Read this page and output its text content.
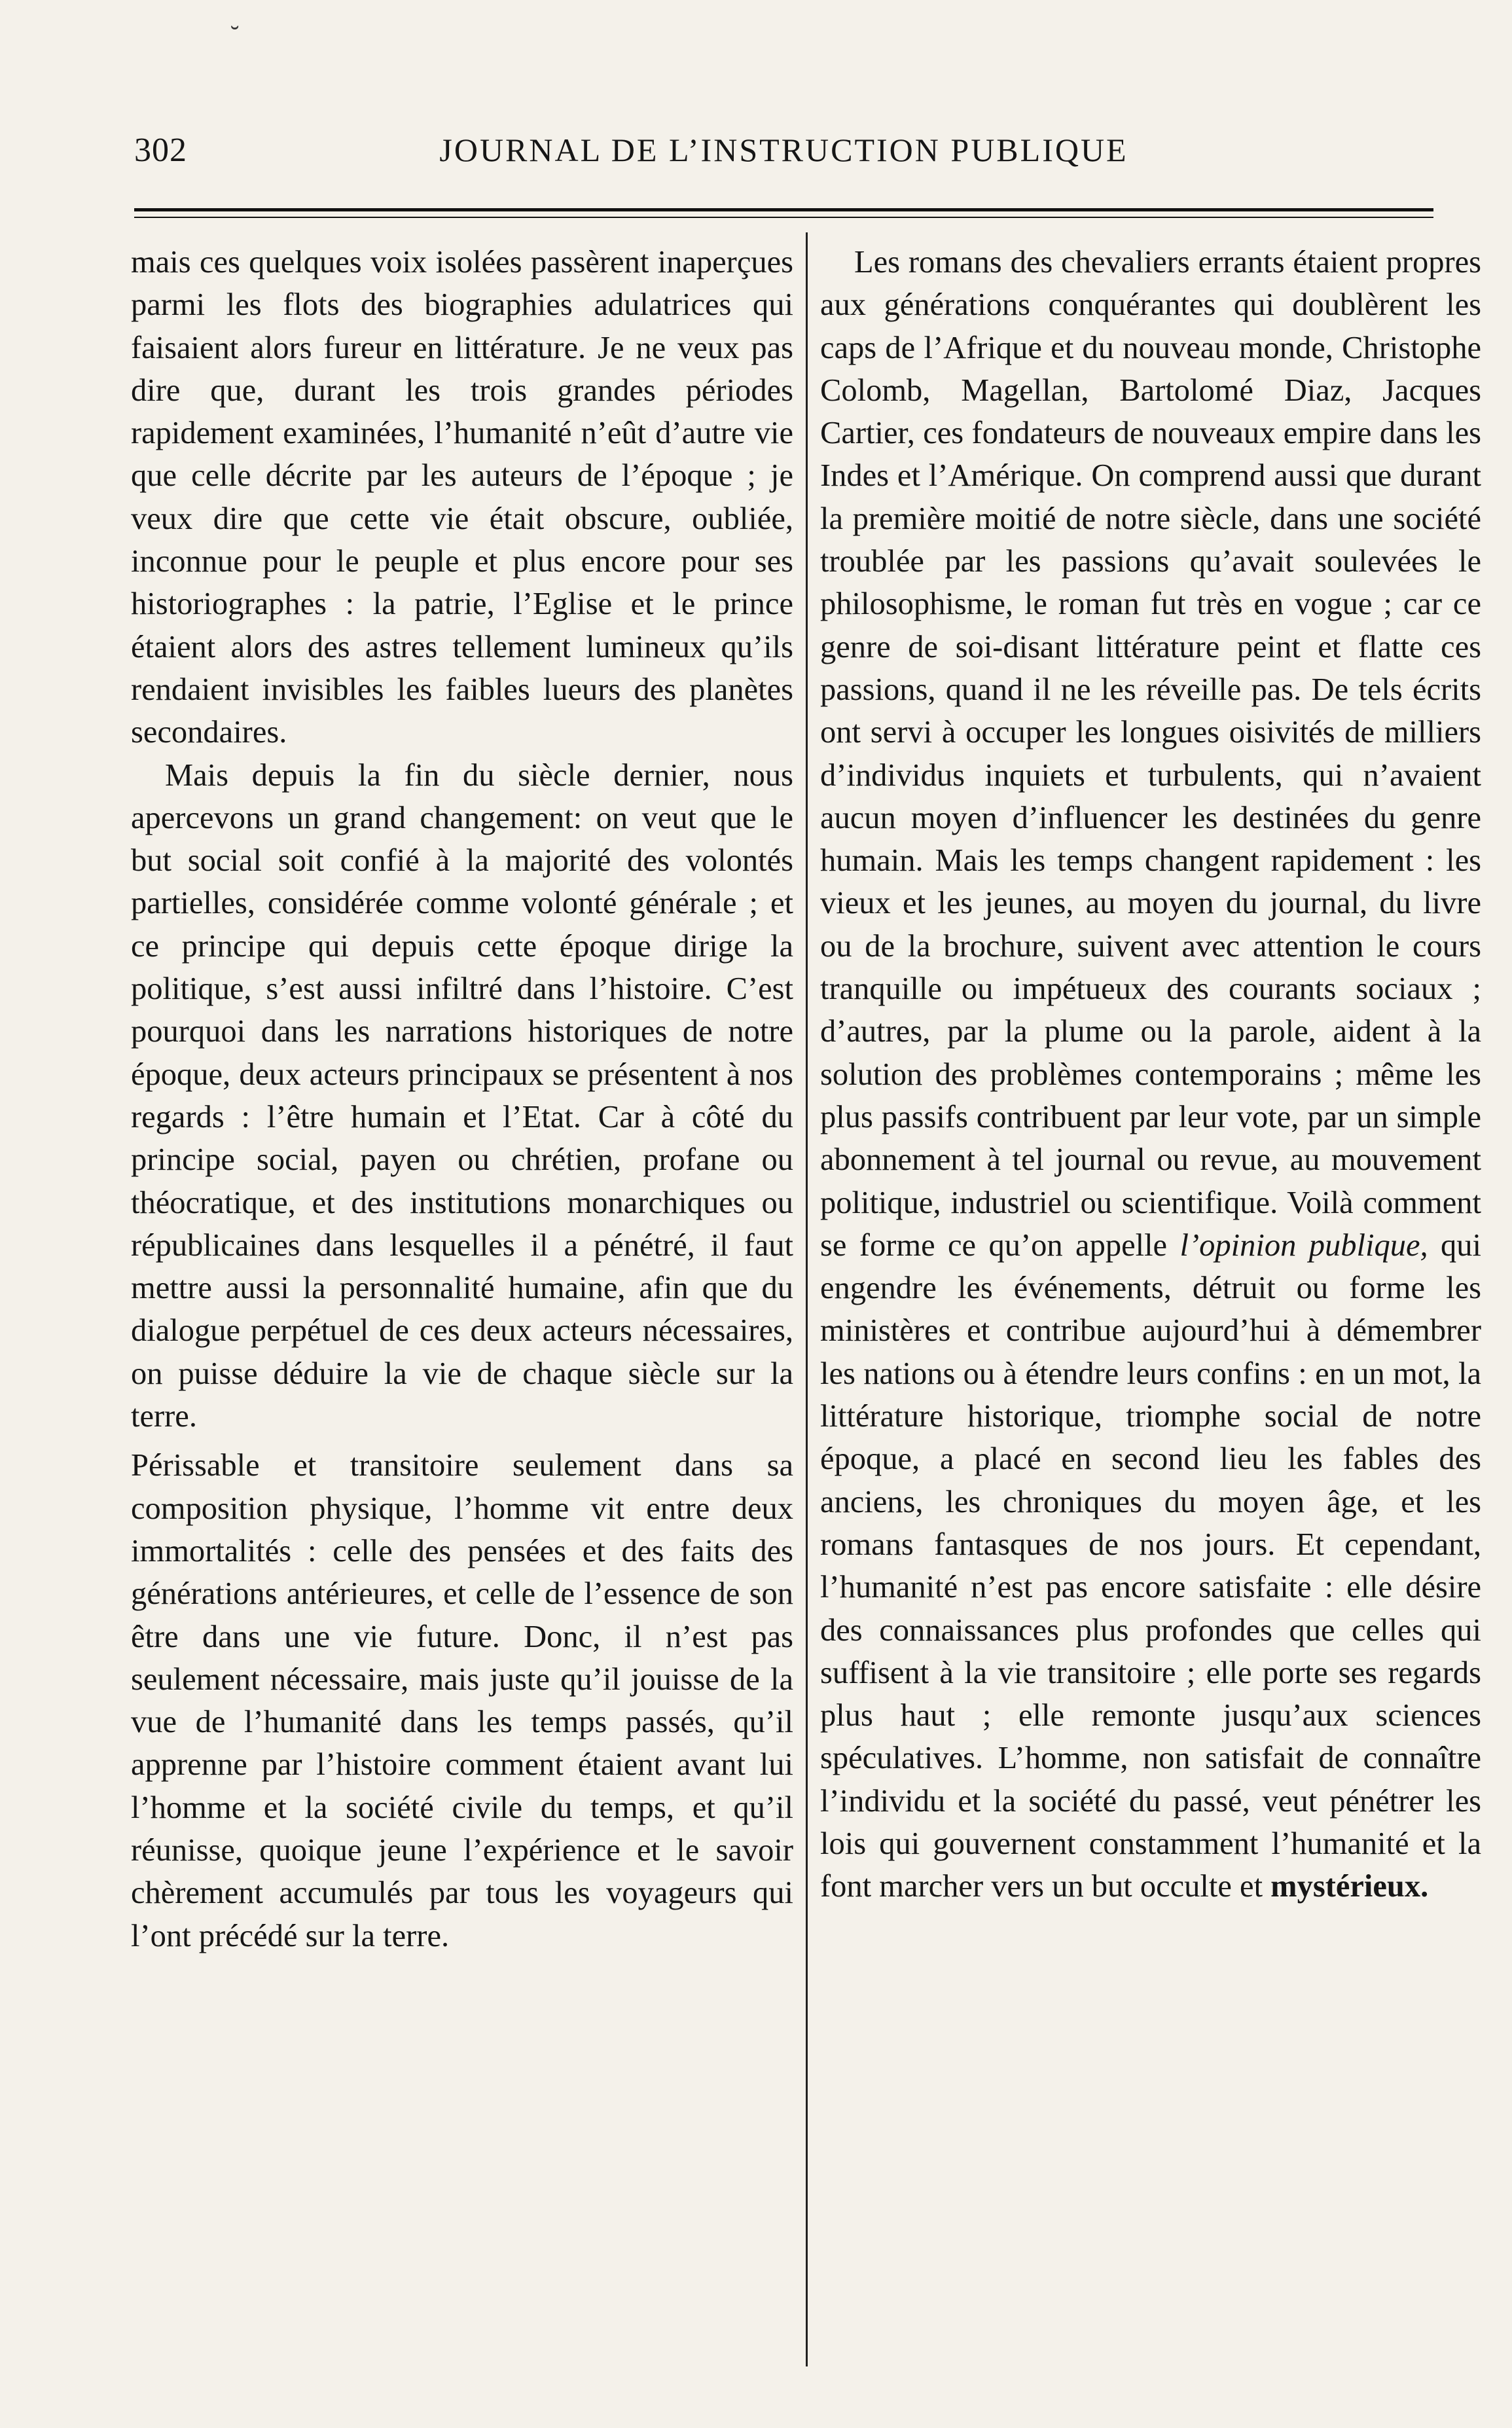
302	JOURNAL DE L’INSTRUCTION PUBLIQUE
˘

mais ces quelques voix isolées passèrent inaperçues parmi les flots des biographies adulatrices qui faisaient alors fureur en littérature. Je ne veux pas dire que, durant les trois grandes périodes rapidement examinées, l’humanité n’eût d’autre vie que celle décrite par les auteurs de l’époque ; je veux dire que cette vie était obscure, oubliée, inconnue pour le peuple et plus encore pour ses historiographes : la patrie, l’Eglise et le prince étaient alors des astres tellement lumineux qu’ils rendaient invisibles les faibles lueurs des planètes secondaires.

Mais depuis la fin du siècle dernier, nous apercevons un grand changement: on veut que le but social soit confié à la majorité des volontés partielles, considérée comme volonté générale ; et ce principe qui depuis cette époque dirige la politique, s’est aussi infiltré dans l’histoire. C’est pourquoi dans les narrations historiques de notre époque, deux acteurs principaux se présentent à nos regards : l’être humain et l’Etat. Car à côté du principe social, payen ou chrétien, profane ou théocratique, et des institutions monarchiques ou républicaines dans lesquelles il a pénétré, il faut mettre aussi la personnalité humaine, afin que du dialogue perpétuel de ces deux acteurs nécessaires, on puisse déduire la vie de chaque siècle sur la terre.

Périssable et transitoire seulement dans sa composition physique, l’homme vit entre deux immortalités : celle des pensées et des faits des générations antérieures, et celle de l’essence de son être dans une vie future. Donc, il n’est pas seulement nécessaire, mais juste qu’il jouisse de la vue de l’humanité dans les temps passés, qu’il apprenne par l’histoire comment étaient avant lui l’homme et la société civile du temps, et qu’il réunisse, quoique jeune l’expérience et le savoir chèrement accumulés par tous les voyageurs qui l’ont précédé sur la terre.

Les romans des chevaliers errants étaient propres aux générations conquérantes qui doublèrent les caps de l’Afrique et du nouveau monde, Christophe Colomb, Magellan, Bartolomé Diaz, Jacques Cartier, ces fondateurs de nouveaux empire dans les Indes et l’Amérique. On comprend aussi que durant la première moitié de notre siècle, dans une société troublée par les passions qu’avait soulevées le philosophisme, le roman fut très en vogue ; car ce genre de soi-disant littérature peint et flatte ces passions, quand il ne les réveille pas. De tels écrits ont servi à occuper les longues oisivités de milliers d’individus inquiets et turbulents, qui n’avaient aucun moyen d’influencer les destinées du genre humain. Mais les temps changent rapidement : les vieux et les jeunes, au moyen du journal, du livre ou de la brochure, suivent avec attention le cours tranquille ou impétueux des courants sociaux ; d’autres, par la plume ou la parole, aident à la solution des problèmes contemporains ; même les plus passifs contribuent par leur vote, par un simple abonnement à tel journal ou revue, au mouvement politique, industriel ou scientifique. Voilà comment se forme ce qu’on appelle l’opinion publique, qui engendre les événements, détruit ou forme les ministères et contribue aujourd’hui à démembrer les nations ou à étendre leurs confins : en un mot, la littérature historique, triomphe social de notre époque, a placé en second lieu les fables des anciens, les chroniques du moyen âge, et les romans fantasques de nos jours. Et cependant, l’humanité n’est pas encore satisfaite : elle désire des connaissances plus profondes que celles qui suffisent à la vie transitoire ; elle porte ses regards plus haut ; elle remonte jusqu’aux sciences spéculatives. L’homme, non satisfait de connaître l’individu et la société du passé, veut pénétrer les lois qui gouvernent constamment l’humanité et la font marcher vers un but occulte et mystérieux.
